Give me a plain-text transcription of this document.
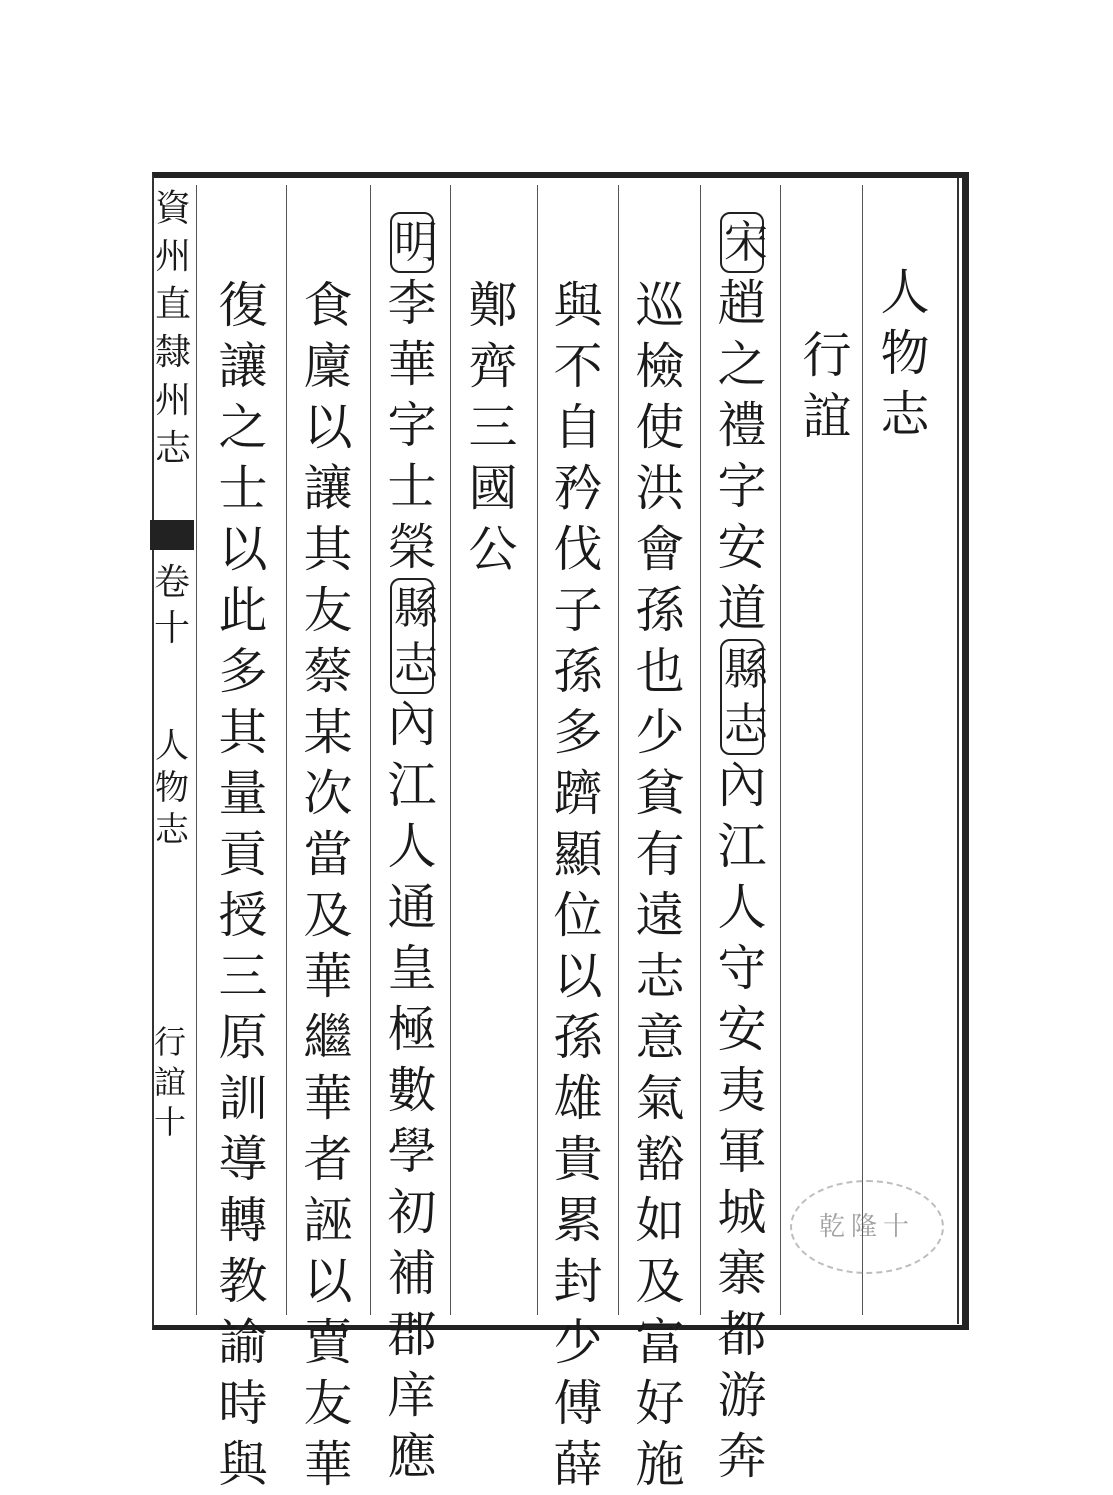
資
州
直
隸
州
志
卷
十
人
物
志
行
誼
十
人
物
志
行
誼
宋
趙
之
禮
字
安
道
縣
志
內
江
人
守
安
夷
軍
城
寨
都
游
奔
巡
檢
使
洪
會
孫
也
少
貧
有
遠
志
意
氣
豁
如
及
富
好
施
與
不
自
矜
伐
子
孫
多
躋
顯
位
以
孫
雄
貴
累
封
少
傅
薛
鄭
齊
三
國
公
明
李
華
字
士
榮
縣
志
內
江
人
通
皇
極
數
學
初
補
郡
庠
應
食
廩
以
讓
其
友
蔡
某
次
當
及
華
繼
華
者
誣
以
賣
友
華
復
讓
之
士
以
此
多
其
量
貢
授
三
原
訓
導
轉
教
諭
時
與
乾隆十
